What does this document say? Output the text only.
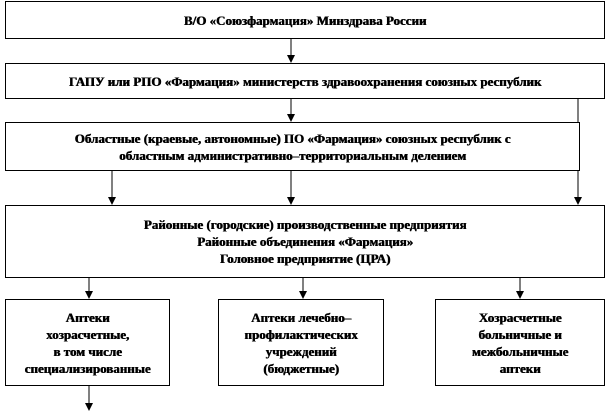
В/О «Союзфармация» Минздрава России
ГАПУ или РПО «Фармация» министерств здравоохранения союзных республик
Областные (краевые, автономные) ПО «Фармация» союзных республик с
областным административно–территориальным делением
Районные (городские) производственные предприятия
Районные объединения «Фармация»
Головное предприятие (ЦРА)
Аптеки
хозрасчетные,
в том числе
специализированные
Аптеки лечебно–
профилактических
учреждений
(бюджетные)
Хозрасчетные
больничные и
межбольничные
аптеки
